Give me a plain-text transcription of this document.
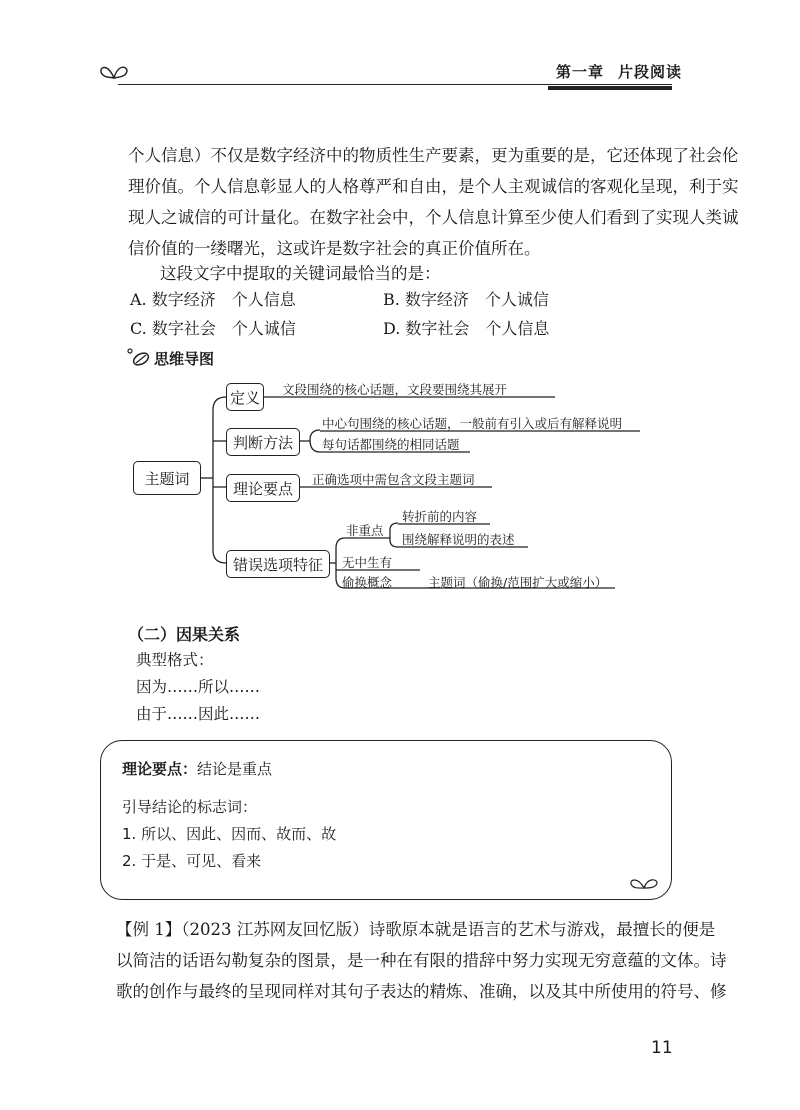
第一章 片段阅读
个人信息）不仅是数字经济中的物质性生产要素，更为重要的是，它还体现了社会伦
理价值。个人信息彰显人的人格尊严和自由，是个人主观诚信的客观化呈现，利于实
现人之诚信的可计量化。在数字社会中，个人信息计算至少使人们看到了实现人类诚
信价值的一缕曙光，这或许是数字社会的真正价值所在。
这段文字中提取的关键词最恰当的是：
A. 数字经济　个人信息	B. 数字经济　个人诚信
C. 数字社会　个人诚信	D. 数字社会　个人信息
思维导图
主题词
定义
判断方法
理论要点
错误选项特征
文段围绕的核心话题，文段要围绕其展开
中心句围绕的核心话题，一般前有引入或后有解释说明
每句话都围绕的相同话题
正确选项中需包含文段主题词
非重点
转折前的内容
围绕解释说明的表述
无中生有
偷换概念	主题词（偷换/范围扩大或缩小）
（二）因果关系
典型格式：
因为……所以……
由于……因此……
理论要点：结论是重点
引导结论的标志词：
1. 所以、因此、因而、故而、故
2. 于是、可见、看来
【例 1】（2023 江苏网友回忆版）诗歌原本就是语言的艺术与游戏，最擅长的便是
以简洁的话语勾勒复杂的图景，是一种在有限的措辞中努力实现无穷意蕴的文体。诗
歌的创作与最终的呈现同样对其句子表达的精炼、准确，以及其中所使用的符号、修
11
